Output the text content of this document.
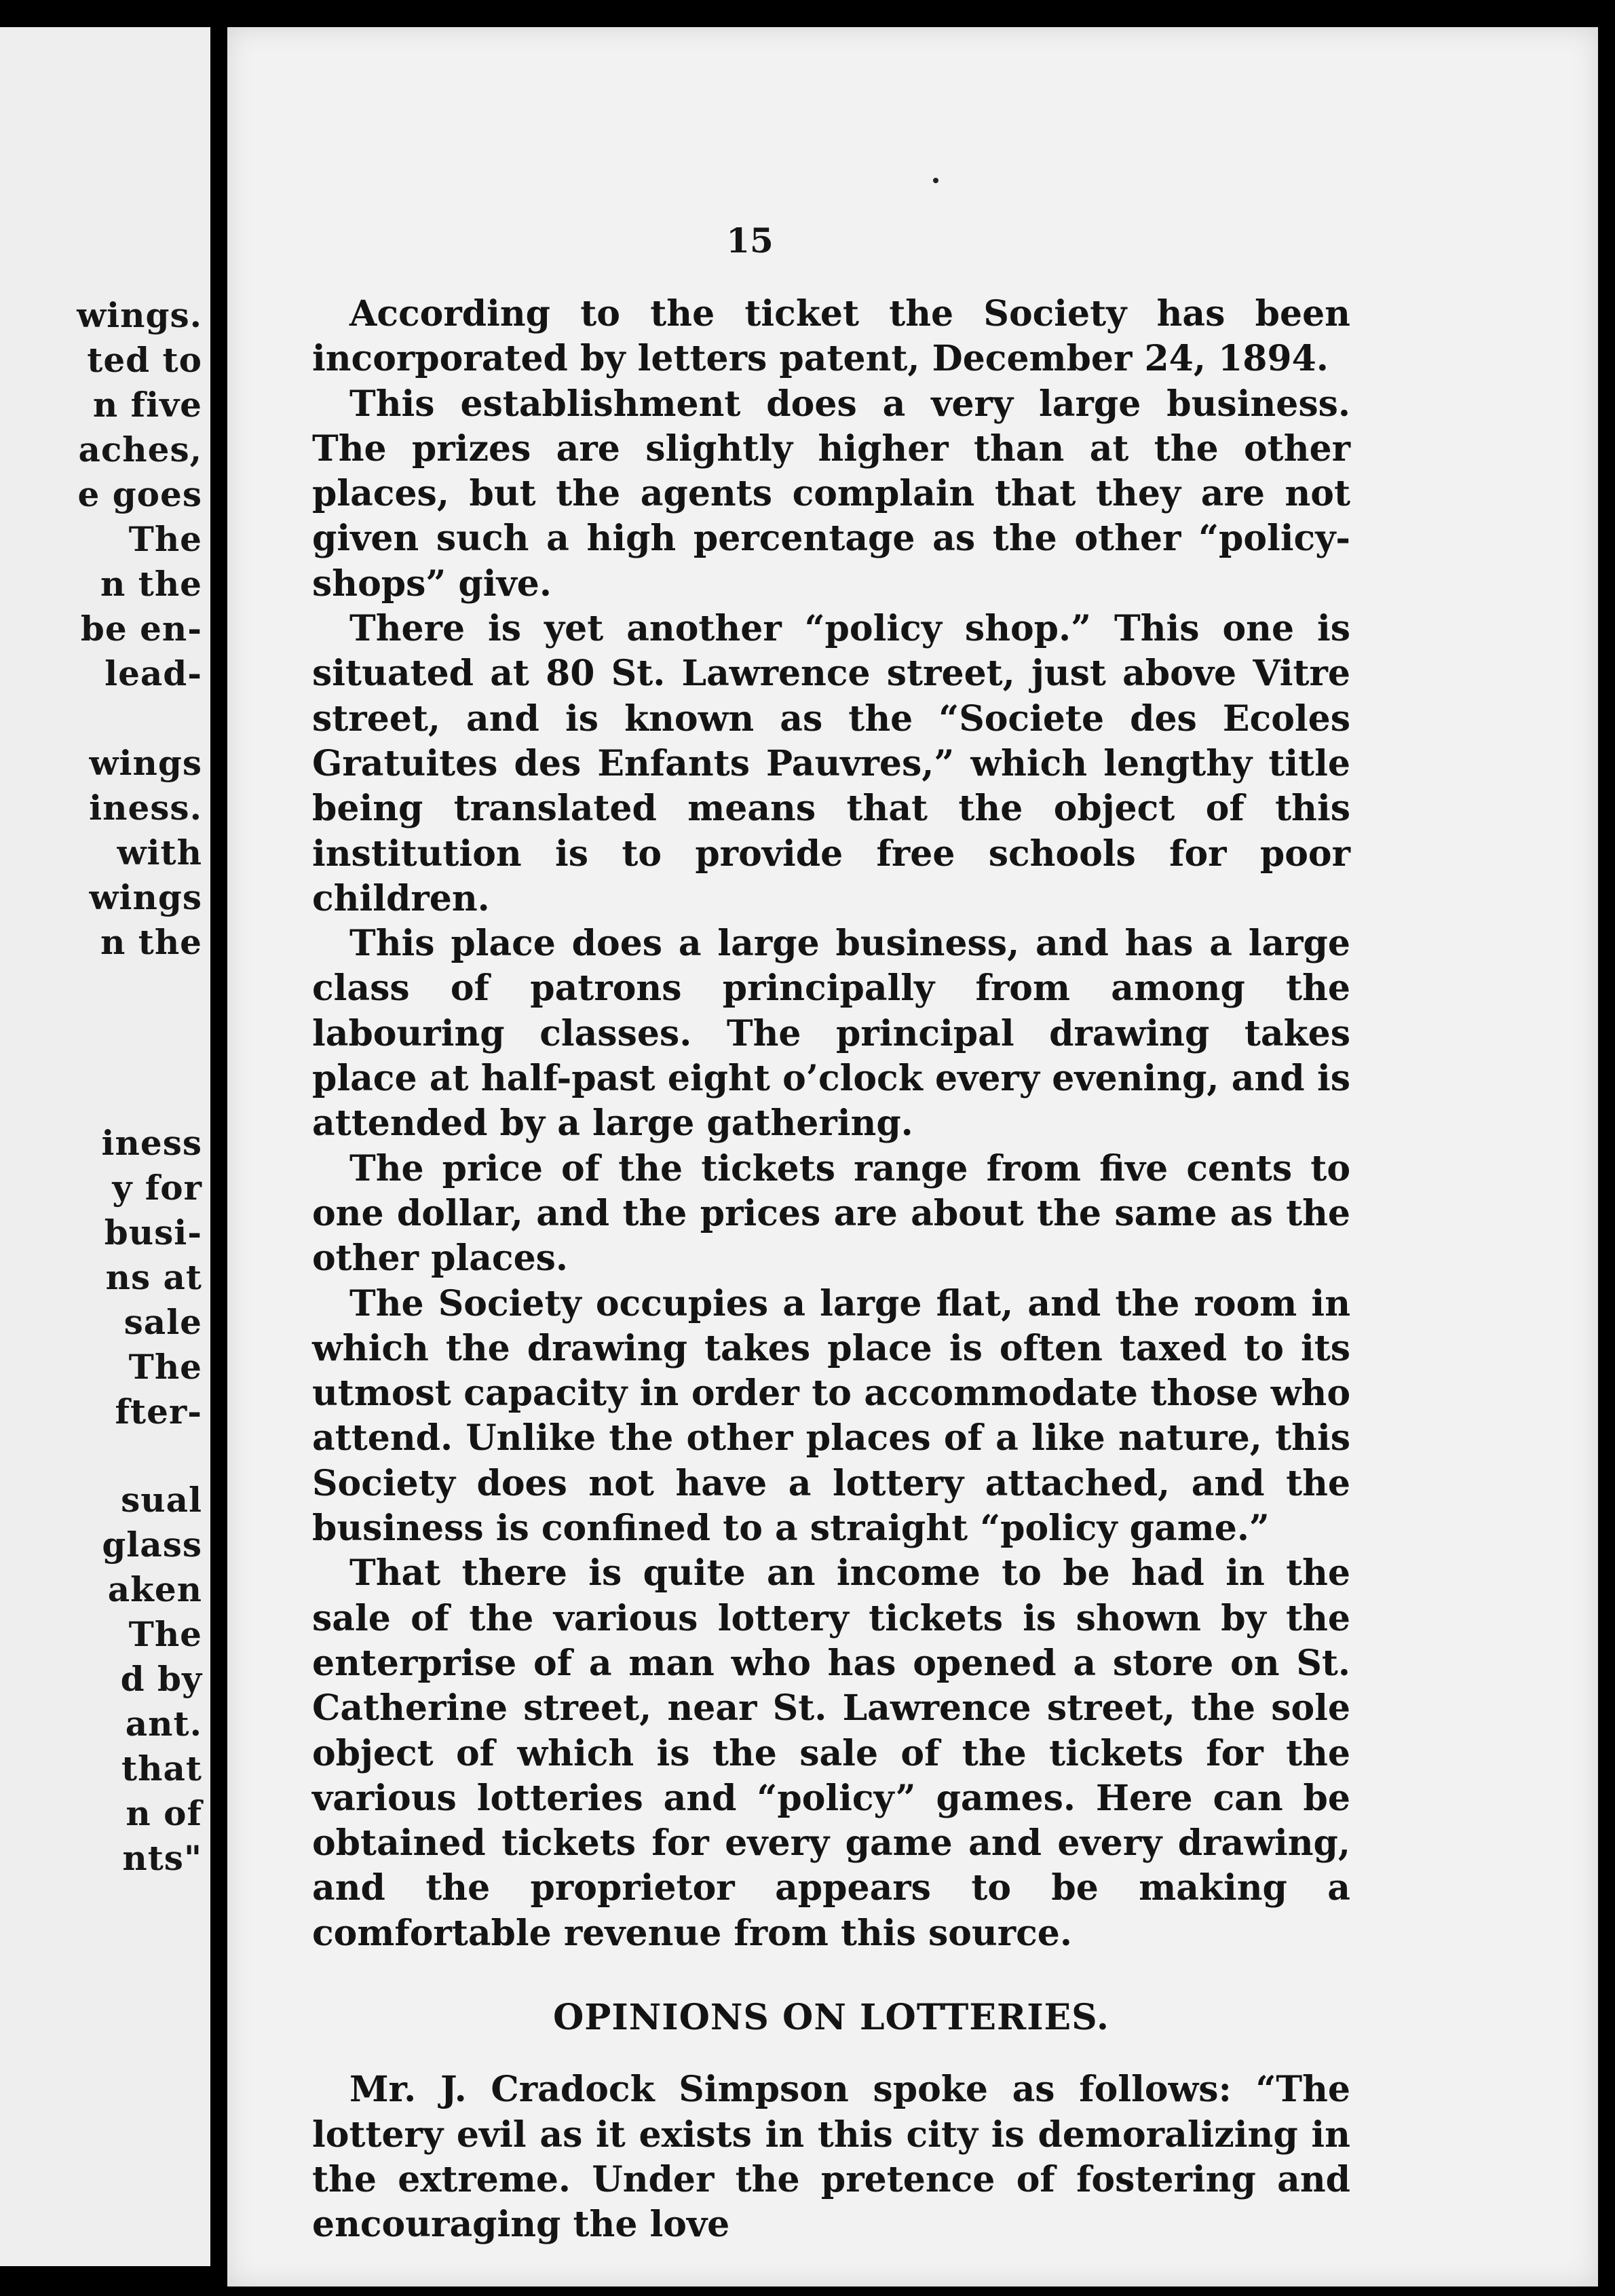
wings.
ted to
n five
aches,
e goes
The
n the
be en-
lead-
wings
iness.
with
wings
n the
iness
y for
busi-
ns at
sale
The
fter-
sual
glass
aken
The
d by
ant.
that
n of
nts"
15

According to the ticket the Society has been incorporated by letters patent, December 24, 1894.

This establishment does a very large business. The prizes are slightly higher than at the other places, but the agents complain that they are not given such a high percentage as the other “policy-shops” give.

There is yet another “policy shop.” This one is situated at 80 St. Lawrence street, just above Vitre street, and is known as the “Societe des Ecoles Gratuites des Enfants Pauvres,” which lengthy title being translated means that the object of this institution is to provide free schools for poor children.

This place does a large business, and has a large class of patrons principally from among the labouring classes. The principal drawing takes place at half-past eight o’clock every evening, and is attended by a large gathering.

The price of the tickets range from five cents to one dollar, and the prices are about the same as the other places.

The Society occupies a large flat, and the room in which the drawing takes place is often taxed to its utmost capacity in order to accommodate those who attend. Unlike the other places of a like nature, this Society does not have a lottery attached, and the business is confined to a straight “policy game.”

That there is quite an income to be had in the sale of the various lottery tickets is shown by the enterprise of a man who has opened a store on St. Catherine street, near St. Lawrence street, the sole object of which is the sale of the tickets for the various lotteries and “policy” games. Here can be obtained tickets for every game and every drawing, and the proprietor appears to be making a comfortable revenue from this source.

OPINIONS ON LOTTERIES.

Mr. J. Cradock Simpson spoke as follows: “The lottery evil as it exists in this city is demoralizing in the extreme. Under the pretence of fostering and encouraging the love
